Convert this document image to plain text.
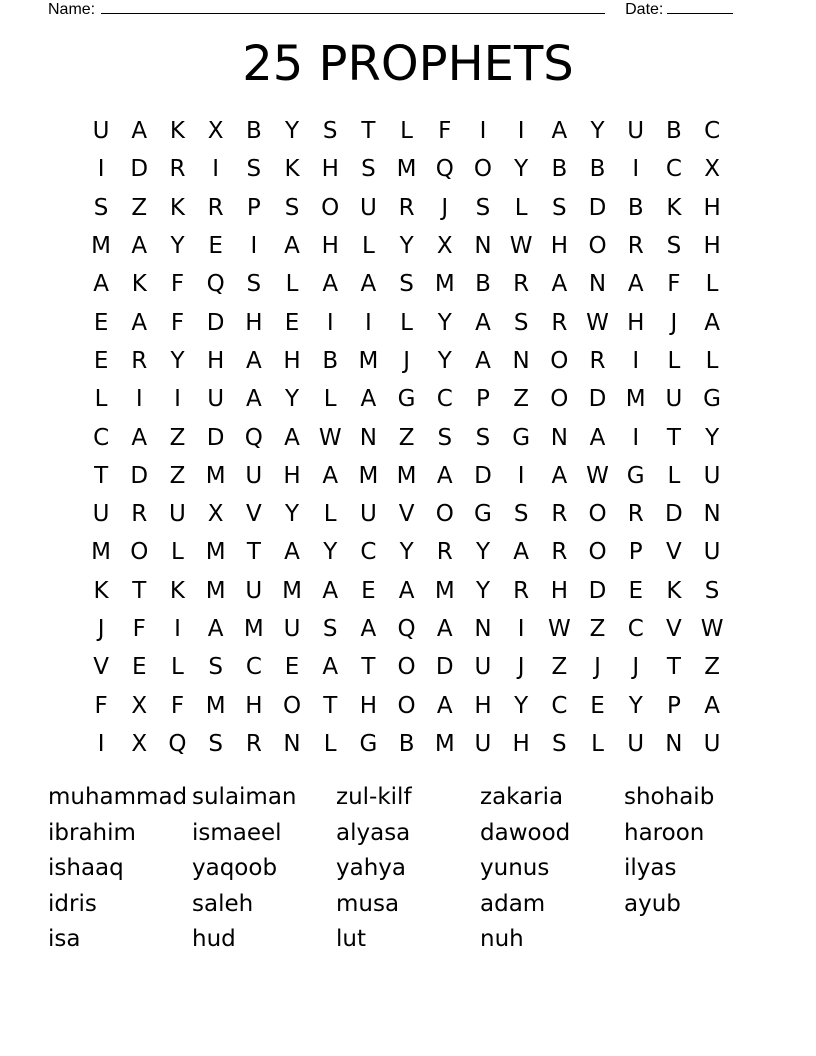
Name:	Date:
25 PROPHETS
U A K X B	Y	S	T	L	F	I	I	A	Y U B C
I	D R	I	S	K H S M Q O Y	B B	I	C X
S	Z K R	P	S O U R	J	S	L	S D B K H
M A	Y	E	I	A H	L	Y	X N W H O R S H
A K	F Q S	L	A A	S M B R A N A	F	L
E	A	F D H E	I	I	L	Y	A	S R W H	J	A
E R	Y H A H B M	J	Y	A N O R	I	L	L
L	I	I	U A	Y	L	A G C	P	Z O D M U G
C A Z D Q A W N Z	S	S G N A	I	T	Y
T D Z M U H A M M A D	I	A W G L	U
U R U X V	Y	L	U V O G S R O R D N
M O L M T	A	Y	C	Y	R	Y	A R O P	V U
K	T	K M U M A	E	A M Y	R H D E	K	S
J	F	I	A M U S	A Q A N	I	W Z C V W
V	E	L	S C E	A	T O D U	J	Z	J	J	T	Z
F	X	F M H O T H O A H Y	C E	Y	P	A
I	X Q S R N	L G B M U H S	L	U N U
muhammad sulaiman	zul-kilf	zakaria	shohaib
ibrahim	ismaeel	alyasa	dawood	haroon
ishaaq	yaqoob	yahya	yunus	ilyas
idris	saleh	musa	adam	ayub
isa	hud	lut	nuh
